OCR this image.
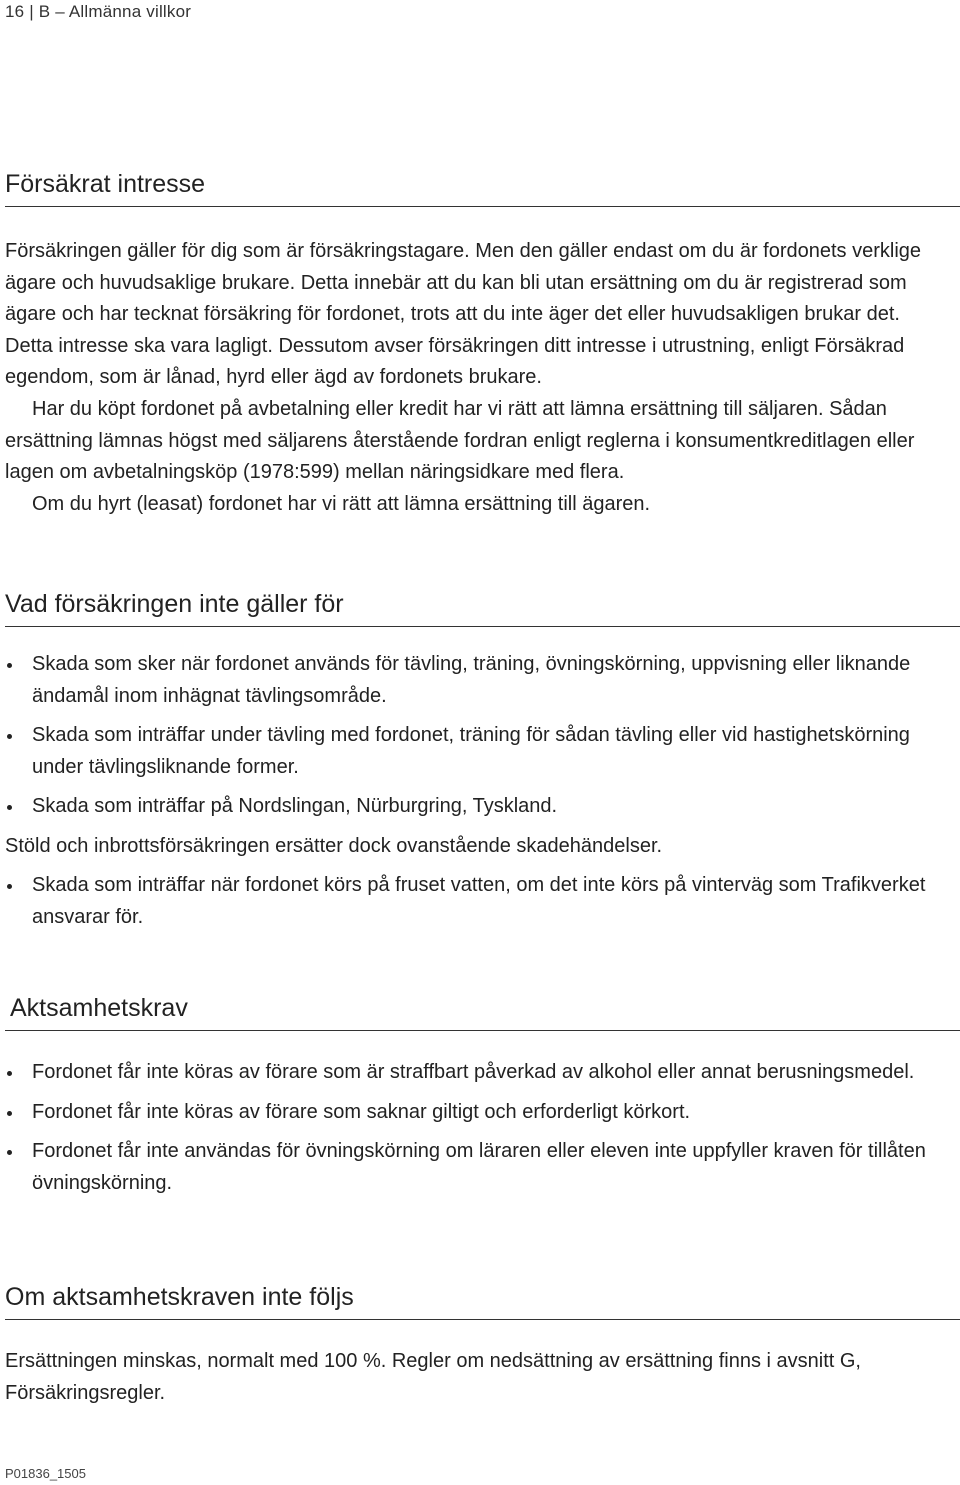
16 | B – Allmänna villkor
Försäkrat intresse

Försäkringen gäller för dig som är försäkringstagare. Men den gäller endast om du är fordonets verklige ägare och huvudsaklige brukare. Detta innebär att du kan bli utan ersättning om du är registrerad som ägare och har tecknat försäkring för fordonet, trots att du inte äger det eller huvudsakligen brukar det. Detta intresse ska vara lagligt. Dessutom avser försäkringen ditt intresse i utrustning, enligt Försäkrad egendom, som är lånad, hyrd eller ägd av fordonets brukare.

Har du köpt fordonet på avbetalning eller kredit har vi rätt att lämna ersättning till säljaren. Sådan ersättning lämnas högst med säljarens återstående fordran enligt reglerna i konsumentkreditlagen eller lagen om avbetalningsköp (1978:599) mellan näringsidkare med flera.

Om du hyrt (leasat) fordonet har vi rätt att lämna ersättning till ägaren.

Vad försäkringen inte gäller för
Skada som sker när fordonet används för tävling, träning, övningskörning, uppvisning eller liknande ändamål inom inhägnat tävlingsområde.
Skada som inträffar under tävling med fordonet, träning för sådan tävling eller vid hastighetskörning under tävlingsliknande former.
Skada som inträffar på Nordslingan, Nürburgring, Tyskland.

Stöld och inbrottsförsäkringen ersätter dock ovanstående skadehändelser.

Skada som inträffar när fordonet körs på fruset vatten, om det inte körs på vinterväg som Trafikverket ansvarar för.
Aktsamhetskrav
Fordonet får inte köras av förare som är straffbart påverkad av alkohol eller annat berusningsmedel.
Fordonet får inte köras av förare som saknar giltigt och erforderligt körkort.
Fordonet får inte användas för övningskörning om läraren eller eleven inte uppfyller kraven för tillåten övningskörning.
Om aktsamhetskraven inte följs

Ersättningen minskas, normalt med 100 %. Regler om nedsättning av ersättning finns i avsnitt G, Försäkringsregler.

P01836_1505
